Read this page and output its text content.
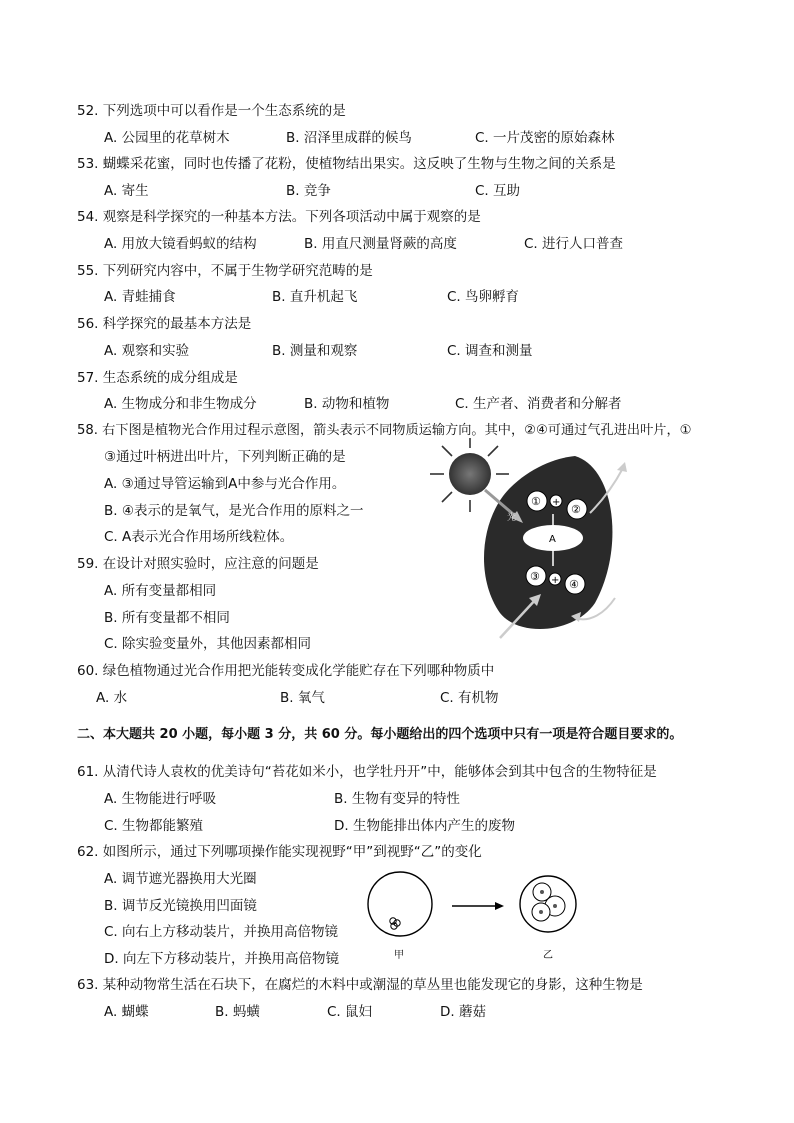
52. 下列选项中可以看作是一个生态系统的是
A. 公园里的花草树木	B. 沼泽里成群的候鸟	C. 一片茂密的原始森林
53. 蝴蝶采花蜜，同时也传播了花粉，使植物结出果实。这反映了生物与生物之间的关系是
A. 寄生	B. 竞争	C. 互助
54. 观察是科学探究的一种基本方法。下列各项活动中属于观察的是
A. 用放大镜看蚂蚁的结构	B. 用直尺测量肾蕨的高度	C. 进行人口普查
55. 下列研究内容中，不属于生物学研究范畴的是
A. 青蛙捕食	B. 直升机起飞	C. 鸟卵孵育
56. 科学探究的最基本方法是
A. 观察和实验	B. 测量和观察	C. 调查和测量
57. 生态系统的成分组成是
A. 生物成分和非生物成分	B. 动物和植物	C. 生产者、消费者和分解者
58. 右下图是植物光合作用过程示意图，箭头表示不同物质运输方向。其中，②④可通过气孔进出叶片，①
③通过叶柄进出叶片，下列判断正确的是
A. ③通过导管运输到A中参与光合作用。
B. ④表示的是氧气，是光合作用的原料之一
C. A表示光合作用场所线粒体。
光
A
① +
②
③ + ④
59. 在设计对照实验时，应注意的问题是
A. 所有变量都相同
B. 所有变量都不相同
C. 除实验变量外，其他因素都相同
60. 绿色植物通过光合作用把光能转变成化学能贮存在下列哪种物质中
A. 水	B. 氧气	C. 有机物
二、本大题共 20 小题，每小题 3 分，共 60 分。每小题给出的四个选项中只有一项是符合题目要求的。
61. 从清代诗人袁枚的优美诗句“苔花如米小，也学牡丹开”中，能够体会到其中包含的生物特征是
A. 生物能进行呼吸	B. 生物有变异的特性
C. 生物都能繁殖	D. 生物能排出体内产生的废物
62. 如图所示，通过下列哪项操作能实现视野“甲”到视野“乙”的变化
A. 调节遮光器换用大光圈
B. 调节反光镜换用凹面镜
C. 向右上方移动装片，并换用高倍物镜
D. 向左下方移动装片，并换用高倍物镜	甲	乙
63. 某种动物常生活在石块下，在腐烂的木料中或潮湿的草丛里也能发现它的身影，这种生物是
A. 蝴蝶	B. 蚂蟥	C. 鼠妇	D. 蘑菇
